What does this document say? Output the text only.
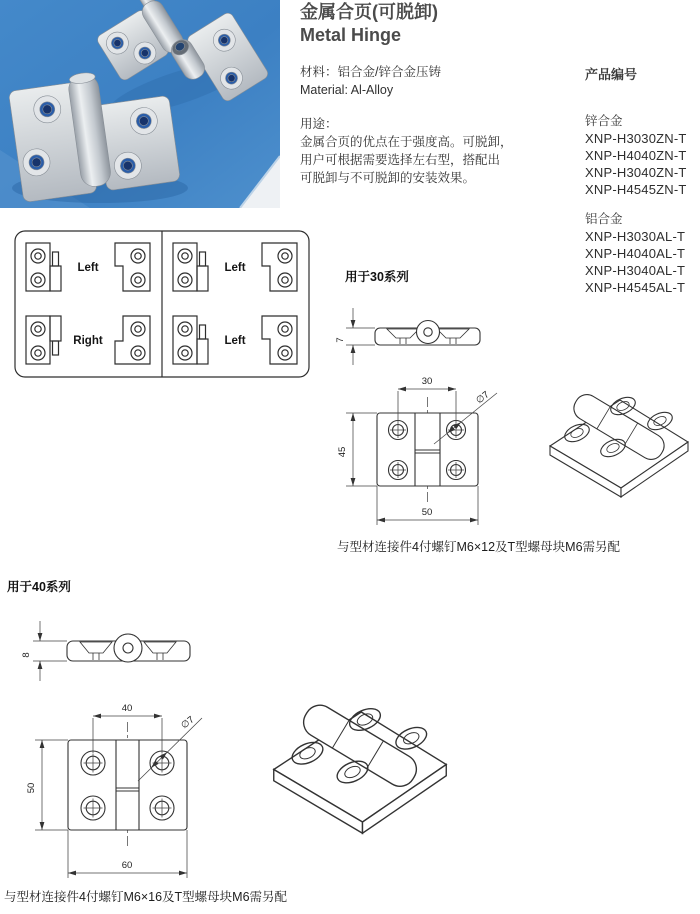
金属合页(可脱卸)
Metal Hinge
材料：铝合金/锌合金压铸
Material: Al-Alloy
用途：
金属合页的优点在于强度高。可脱卸，
用户可根据需要选择左右型，搭配出
可脱卸与不可脱卸的安装效果。
产品编号
锌合金
XNP-H3030ZN-T
XNP-H4040ZN-T
XNP-H3040ZN-T
XNP-H4545ZN-T
铝合金
XNP-H3030AL-T
XNP-H4040AL-T
XNP-H3040AL-T
XNP-H4545AL-T
Left
Right
Left
Left
用于30系列
与型材连接件4付螺钉M6×12及T型螺母块M6需另配
7
30
45
50
∅7
用于40系列
与型材连接件4付螺钉M6×16及T型螺母块M6需另配
8
40
50
60
∅7
